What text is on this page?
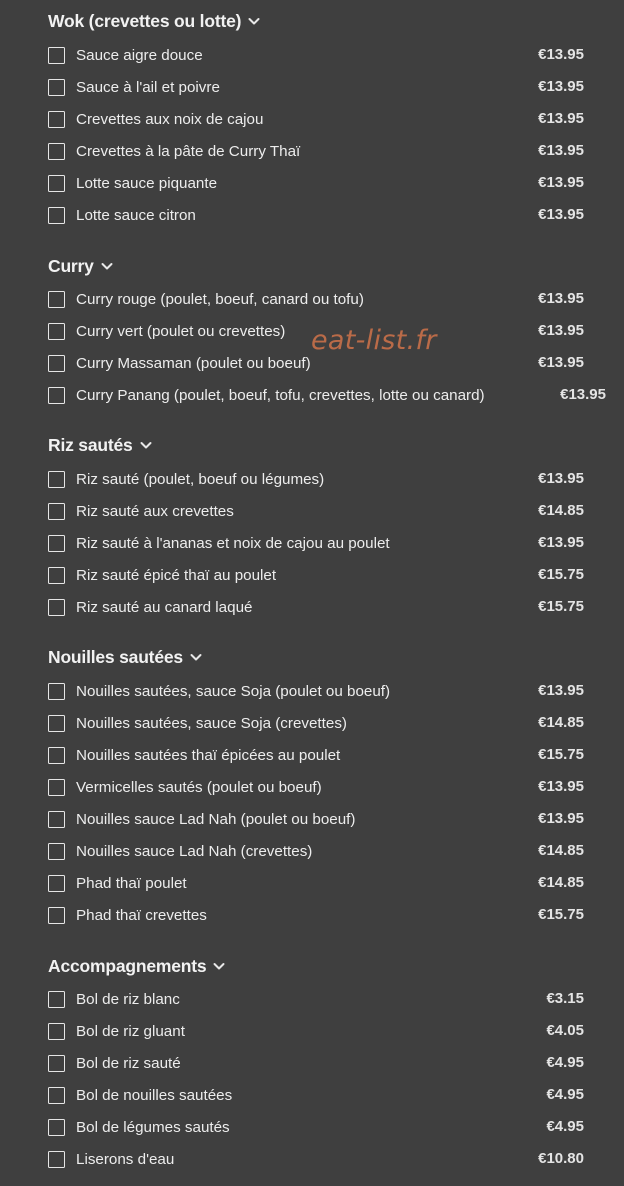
Wok (crevettes ou lotte)
Sauce aigre douce	€13.95
Sauce à l'ail et poivre	€13.95
Crevettes aux noix de cajou	€13.95
Crevettes à la pâte de Curry Thaï	€13.95
Lotte sauce piquante	€13.95
Lotte sauce citron	€13.95
Curry
Curry rouge (poulet, boeuf, canard ou tofu)	€13.95
Curry vert (poulet ou crevettes)	€13.95
Curry Massaman (poulet ou boeuf)	€13.95
Curry Panang (poulet, boeuf, tofu, crevettes, lotte ou canard)	€13.95
Riz sautés
Riz sauté (poulet, boeuf ou légumes)	€13.95
Riz sauté aux crevettes	€14.85
Riz sauté à l'ananas et noix de cajou au poulet	€13.95
Riz sauté épicé thaï au poulet	€15.75
Riz sauté au canard laqué	€15.75
Nouilles sautées
Nouilles sautées, sauce Soja (poulet ou boeuf)	€13.95
Nouilles sautées, sauce Soja (crevettes)	€14.85
Nouilles sautées thaï épicées au poulet	€15.75
Vermicelles sautés (poulet ou boeuf)	€13.95
Nouilles sauce Lad Nah (poulet ou boeuf)	€13.95
Nouilles sauce Lad Nah (crevettes)	€14.85
Phad thaï poulet	€14.85
Phad thaï crevettes	€15.75
Accompagnements
Bol de riz blanc	€3.15
Bol de riz gluant	€4.05
Bol de riz sauté	€4.95
Bol de nouilles sautées	€4.95
Bol de légumes sautés	€4.95
Liserons d'eau	€10.80
eat-list.fr
